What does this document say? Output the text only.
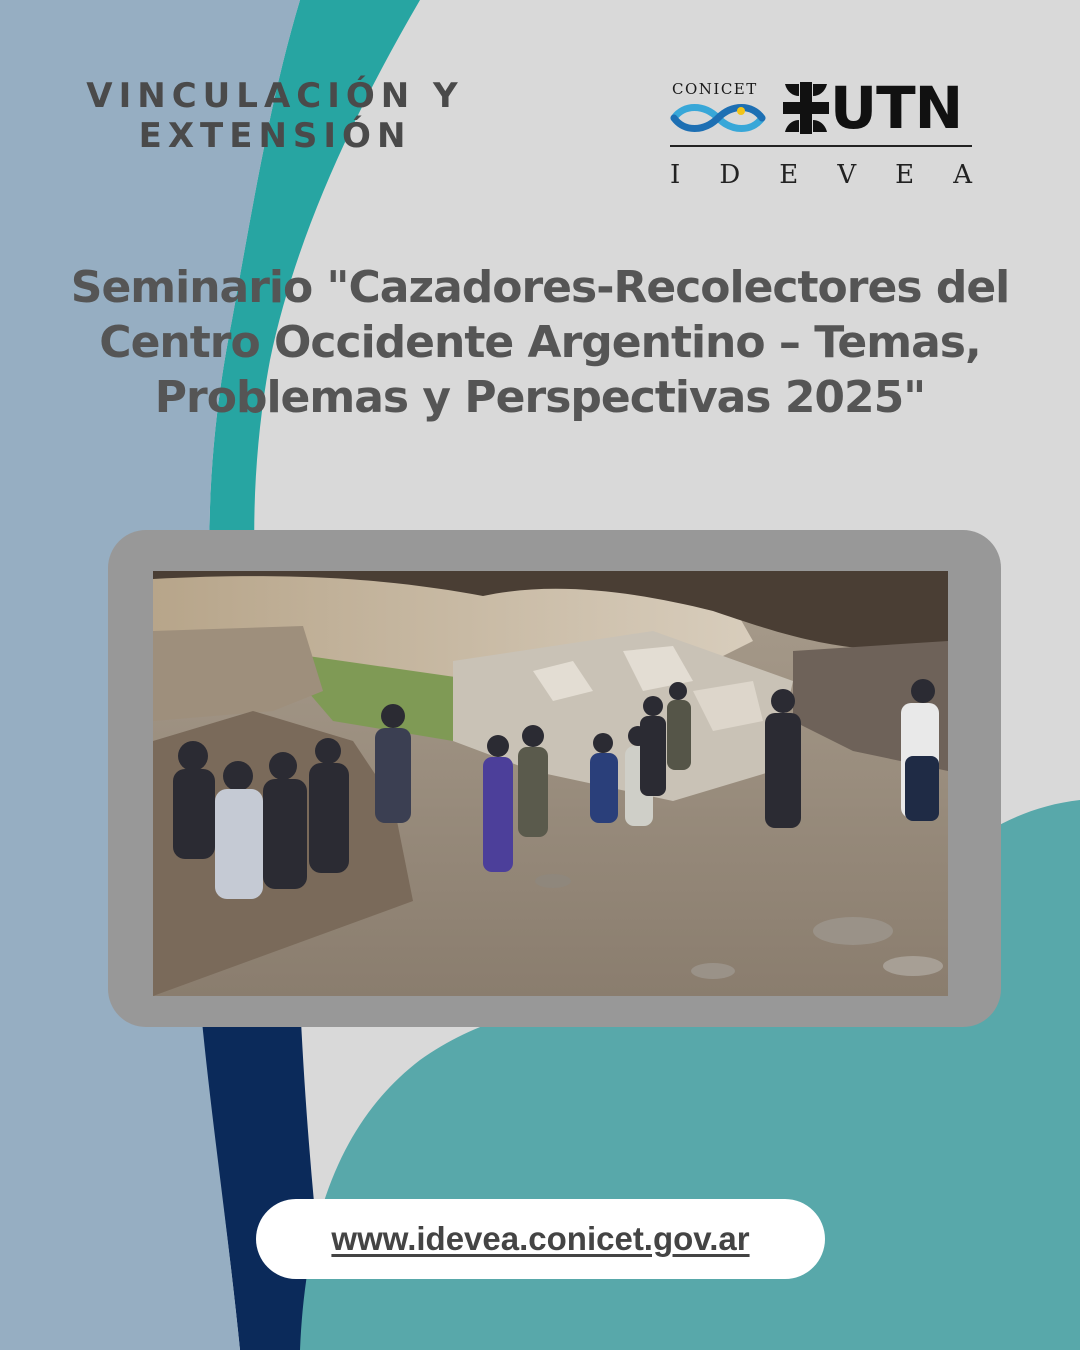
VINCULACIÓN Y
EXTENSIÓN
CONICET UTN
I D E V E A
Seminario "Cazadores-Recolectores del Centro Occidente Argentino – Temas, Problemas y Perspectivas 2025"
www.idevea.conicet.gov.ar
